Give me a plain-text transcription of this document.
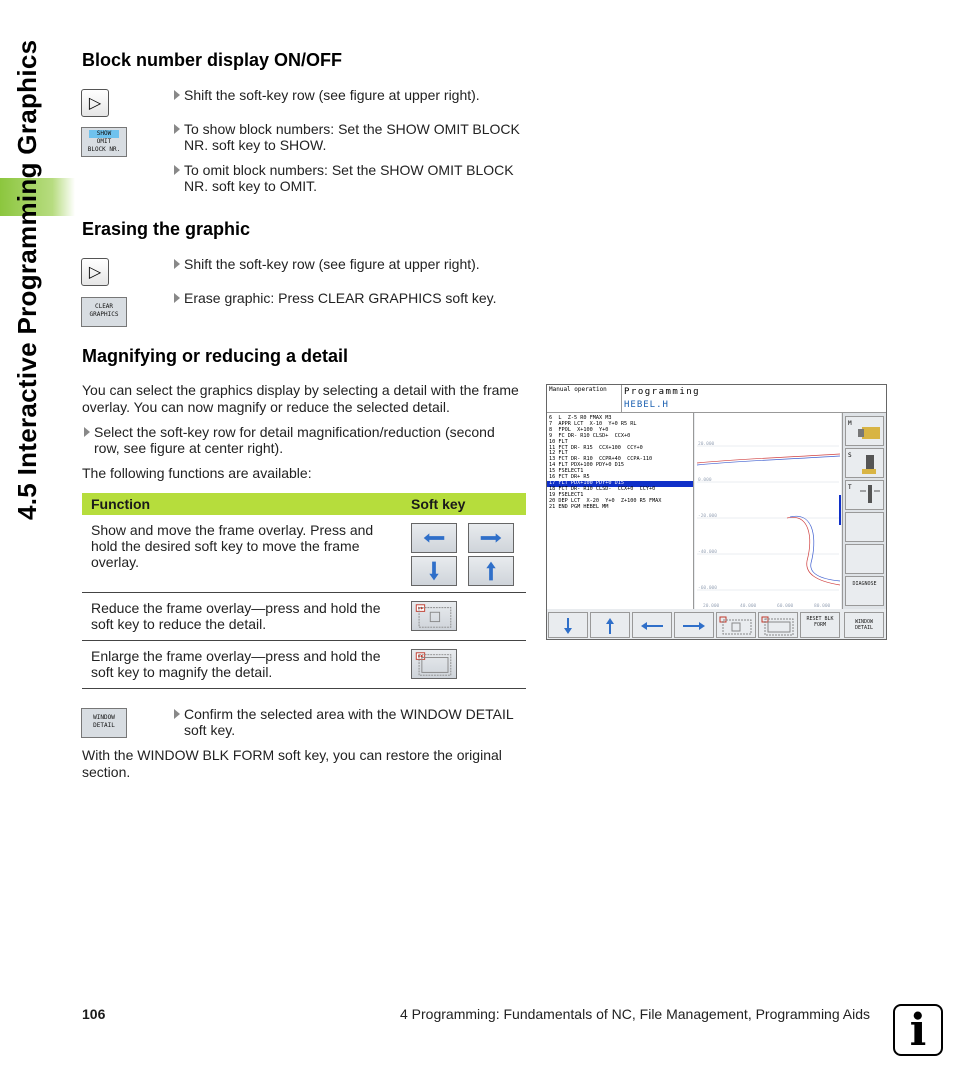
4.5 Interactive Programming Graphics Block number display ON/OFF
▷	Shift the soft-key row (see figure at upper right).
SHOW
OMIT
BLOCK NR.
To show block numbers: Set the SHOW OMIT BLOCK
NR. soft key to SHOW.
To omit block numbers: Set the SHOW OMIT BLOCK
NR. soft key to OMIT.
Erasing the graphic
▷	Shift the soft-key row (see figure at upper right).
CLEAR
GRAPHICS
Erase graphic: Press CLEAR GRAPHICS soft key.
Magnifying or reducing a detail
You can select the graphics display by selecting a detail with the frame
overlay. You can now magnify or reduce the selected detail.
Select the soft-key row for detail magnification/reduction (second
row, see figure at center right).
The following functions are available:
Function	Soft key
Show and move the frame overlay. Press and
hold the desired soft key to move the frame
overlay.
Reduce the frame overlay—press and hold the
soft key to reduce the detail.
Enlarge the frame overlay—press and hold the
soft key to magnify the detail.
WINDOW
DETAIL
Confirm the selected area with the WINDOW DETAIL
soft key.
With the WINDOW BLK FORM soft key, you can restore the original
section.
Manual operation Programming
HEBEL.H
6  L  Z-5 R0 FMAX M3
7  APPR LCT  X-10  Y+0 R5 RL
8  FPOL  X+100  Y+0
9  FC DR- R10 CLSD+  CCX+0
10 FLT
11 FCT DR- R15  CCX+100  CCY+0
12 FLT
13 FCT DR- R10  CCPR+40  CCPA-110
14 FLT PDX+100 PDY+0 D15
15 FSELECT1
16 FCT DR+ R5
17 FLT PDX+100 PDY+0 D15
18 FCT DR- R10 CLSD-  CCX+0  CCY+0
19 FSELECT1
20 DEP LCT  X-20  Y+0  Z+100 R5 FMAX
21 END PGM HEBEL MM
20.000
0.000
-20.000
-40.000
-60.000
20.000	40.000	60.000	80.000
M
S
T
DIAGNOSE
RESET BLK FORM	WINDOW DETAIL
106	4 Programming: Fundamentals of NC, File Management, Programming Aids i
